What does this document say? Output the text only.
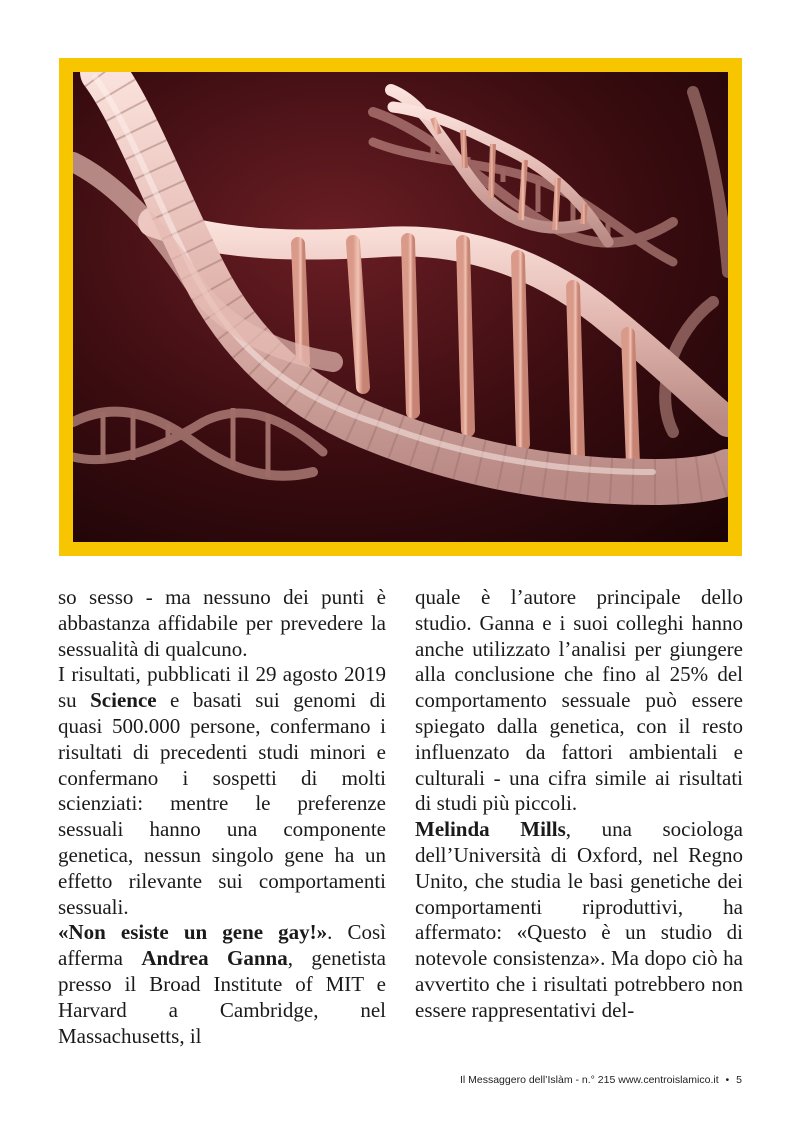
so sesso - ma nessuno dei punti è abbastanza affidabile per prevedere la sessualità di qualcuno.

I risultati, pubblicati il 29 agosto 2019 su Science e basati sui genomi di quasi 500.000 persone, confermano i risultati di precedenti studi minori e confermano i sospetti di molti scienziati: mentre le preferenze sessuali hanno una componente genetica, nessun singolo gene ha un effetto rilevante sui comportamenti sessuali.

«Non esiste un gene gay!». Così afferma Andrea Ganna, genetista presso il Broad Institute of MIT e Harvard a Cambridge, nel Massachusetts, il

quale è l’autore principale dello studio. Ganna e i suoi colleghi hanno anche utilizzato l’analisi per giungere alla conclusione che fino al 25% del comportamento sessuale può essere spiegato dalla genetica, con il resto influenzato da fattori ambientali e culturali - una cifra simile ai risultati di studi più piccoli.

Melinda Mills, una sociologa dell’Università di Oxford, nel Regno Unito, che studia le basi genetiche dei comportamenti riproduttivi, ha affermato: «Questo è un studio di notevole consistenza». Ma dopo ciò ha avvertito che i risultati potrebbero non essere rappresentativi del-

Il Messaggero dell’Islàm - n.° 215 www.centroislamico.it • 5
